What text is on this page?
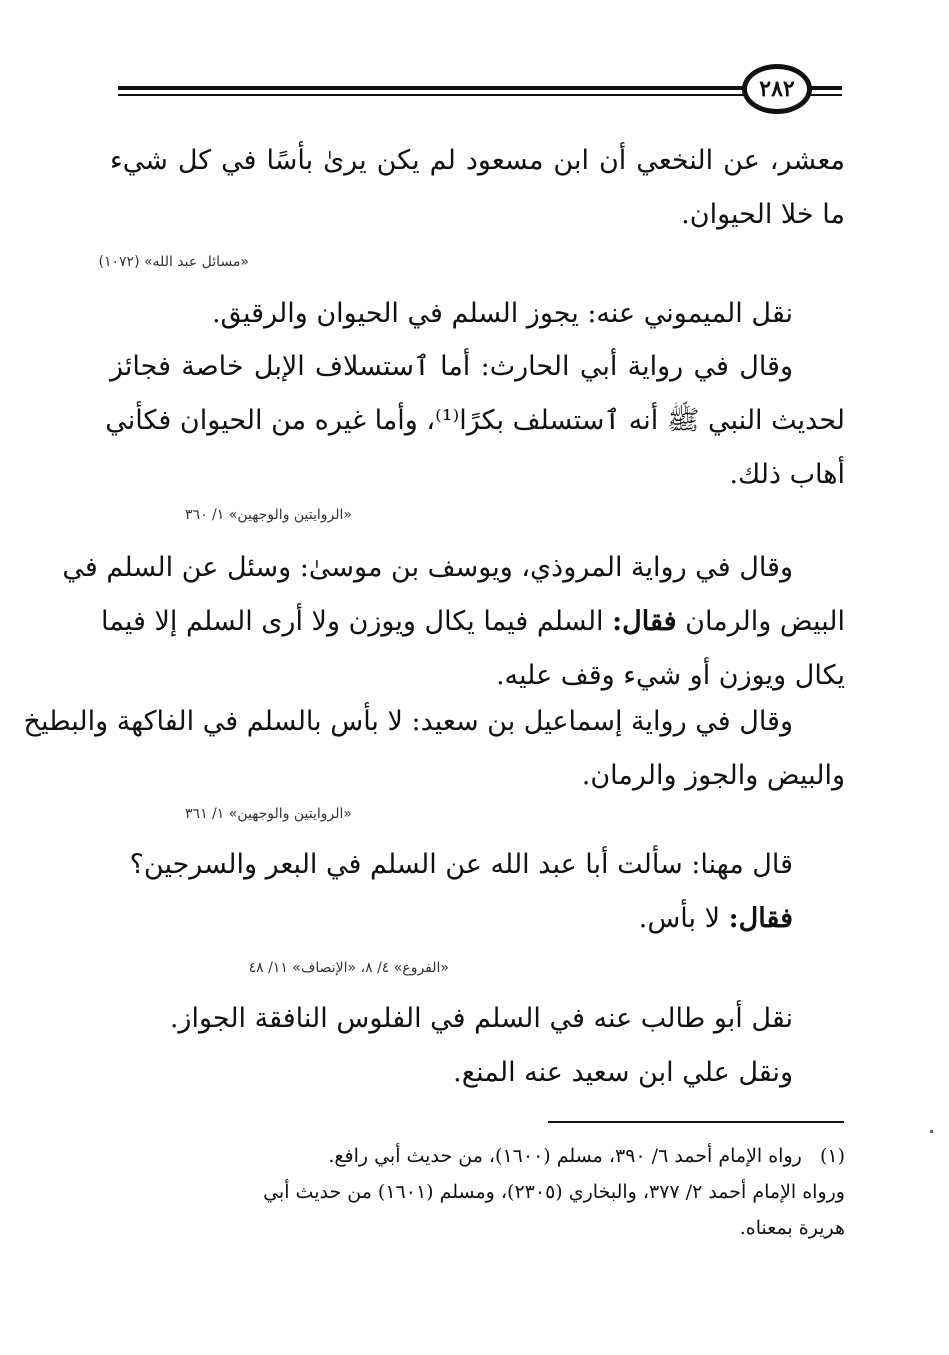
٢٨٢
معشر، عن النخعي أن ابن مسعود لم يكن يرىٰ بأسًا في كل شيء
ما خلا الحيوان.
«مسائل عبد الله» (١٠٧٢)
نقل الميموني عنه: يجوز السلم في الحيوان والرقيق.
وقال في رواية أبي الحارث: أما ٱستسلاف الإبل خاصة فجائز
لحديث النبي ﷺ أنه ٱستسلف بكرًا⁽¹⁾، وأما غيره من الحيوان فكأني
أهاب ذلك.
«الروايتين والوجهين» ١/ ٣٦٠
وقال في رواية المروذي، ويوسف بن موسىٰ: وسئل عن السلم في
البيض والرمان فقال: السلم فيما يكال ويوزن ولا أرى السلم إلا فيما
يكال ويوزن أو شيء وقف عليه.
وقال في رواية إسماعيل بن سعيد: لا بأس بالسلم في الفاكهة والبطيخ
والبيض والجوز والرمان.
«الروايتين والوجهين» ١/ ٣٦١
قال مهنا: سألت أبا عبد الله عن السلم في البعر والسرجين؟
فقال: لا بأس.
«الفروع» ٤/ ٨، «الإنصاف» ١١/ ٤٨
نقل أبو طالب عنه في السلم في الفلوس النافقة الجواز.
ونقل علي ابن سعيد عنه المنع.
(١)   رواه الإمام أحمد ٦/ ٣٩٠، مسلم (١٦٠٠)، من حديث أبي رافع.
ورواه الإمام أحمد ٢/ ٣٧٧، والبخاري (٢٣٠٥)، ومسلم (١٦٠١) من حديث أبي
هريرة بمعناه.
